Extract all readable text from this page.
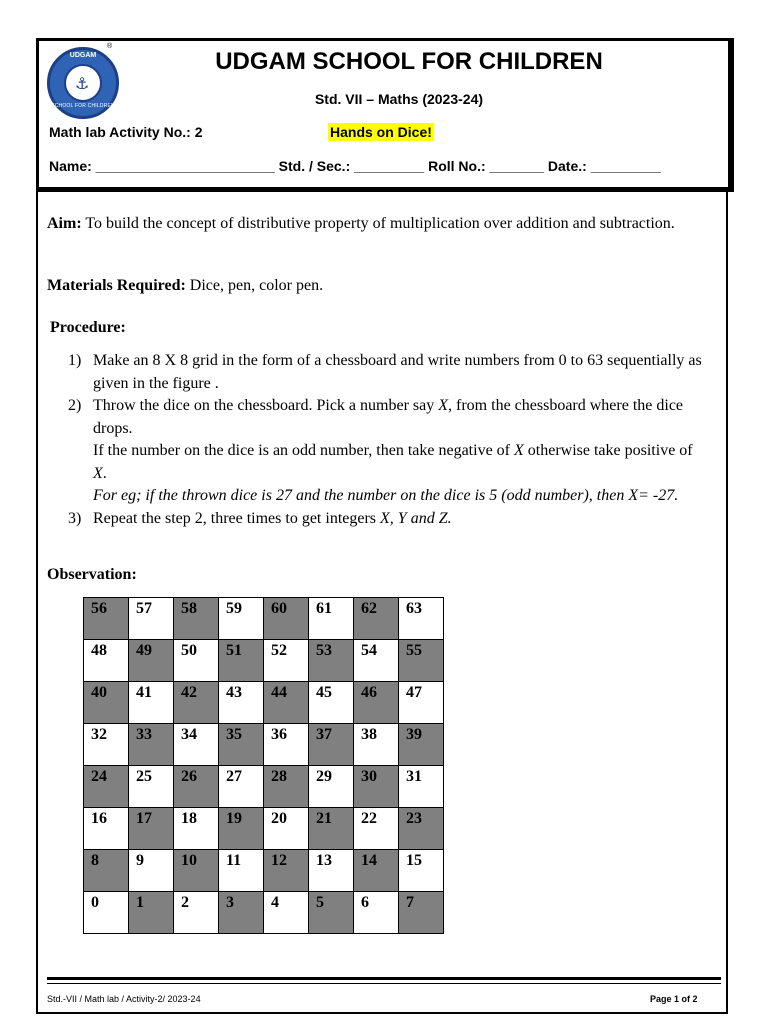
UDGAM
⚓
SCHOOL FOR CHILDREN
®
UDGAM SCHOOL FOR CHILDREN
Std. VII – Maths (2023-24)
Math lab Activity No.: 2	Hands on Dice!
Name: _______________________ Std. / Sec.: _________ Roll No.: _______ Date.: _________
Aim: To build the concept of distributive property of multiplication over addition and subtraction.
Materials Required: Dice, pen, color pen.
Procedure:
1) Make an 8 X 8 grid in the form of a chessboard and write numbers from 0 to 63 sequentially as given in the figure .
2) Throw the dice on the chessboard. Pick a number say X, from the chessboard where the dice drops.
If the number on the dice is an odd number, then take negative of X otherwise take positive of X.
For eg; if the thrown dice is 27 and the number on the dice is 5 (odd number), then X= -27.
3) Repeat the step 2, three times to get integers X, Y and Z.
Observation:
56	57	58	59	60	61	62	63

48	49	50	51	52	53	54	55

40	41	42	43	44	45	46	47

32	33	34	35	36	37	38	39

24	25	26	27	28	29	30	31

16	17	18	19	20	21	22	23

8	9	10	11	12	13	14	15

0	1	2	3	4	5	6	7
Std.-VII / Math lab / Activity-2/ 2023-24	Page 1 of 2
